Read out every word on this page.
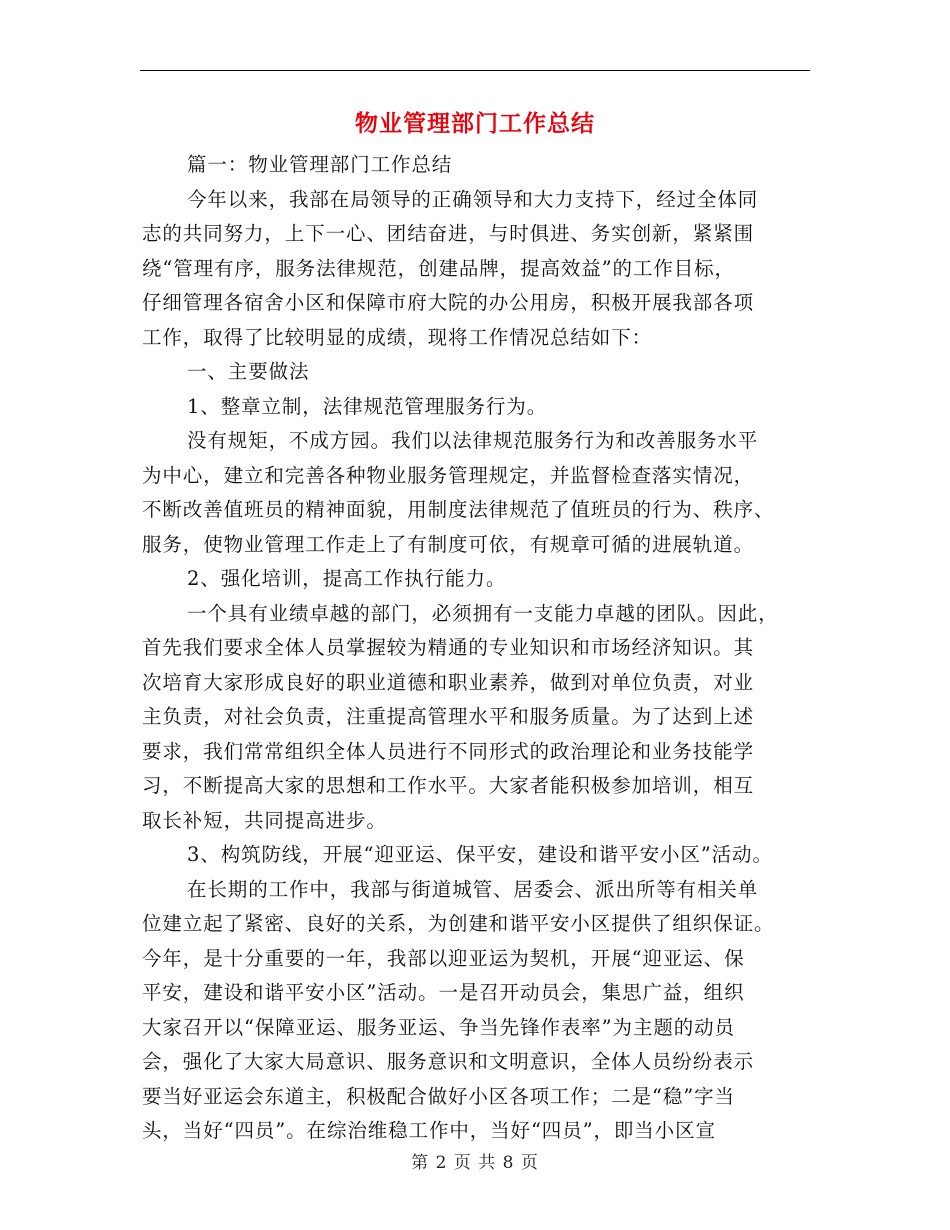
物业管理部门工作总结
篇一：物业管理部门工作总结
今年以来，我部在局领导的正确领导和大力支持下，经过全体同
志的共同努力，上下一心、团结奋进，与时俱进、务实创新，紧紧围
绕“管理有序，服务法律规范，创建品牌，提高效益”的工作目标，
仔细管理各宿舍小区和保障市府大院的办公用房，积极开展我部各项
工作，取得了比较明显的成绩，现将工作情况总结如下：
一、主要做法
1、整章立制，法律规范管理服务行为。
没有规矩，不成方园。我们以法律规范服务行为和改善服务水平
为中心，建立和完善各种物业服务管理规定，并监督检查落实情况，
不断改善值班员的精神面貌，用制度法律规范了值班员的行为、秩序、
服务，使物业管理工作走上了有制度可依，有规章可循的进展轨道。
2、强化培训，提高工作执行能力。
一个具有业绩卓越的部门，必须拥有一支能力卓越的团队。因此，
首先我们要求全体人员掌握较为精通的专业知识和市场经济知识。其
次培育大家形成良好的职业道德和职业素养，做到对单位负责，对业
主负责，对社会负责，注重提高管理水平和服务质量。为了达到上述
要求，我们常常组织全体人员进行不同形式的政治理论和业务技能学
习，不断提高大家的思想和工作水平。大家者能积极参加培训，相互
取长补短，共同提高进步。
3、构筑防线，开展“迎亚运、保平安，建设和谐平安小区”活动。
在长期的工作中，我部与街道城管、居委会、派出所等有相关单
位建立起了紧密、良好的关系，为创建和谐平安小区提供了组织保证。
今年，是十分重要的一年，我部以迎亚运为契机，开展“迎亚运、保
平安，建设和谐平安小区”活动。一是召开动员会，集思广益，组织
大家召开以“保障亚运、服务亚运、争当先锋作表率”为主题的动员
会，强化了大家大局意识、服务意识和文明意识，全体人员纷纷表示
要当好亚运会东道主，积极配合做好小区各项工作；二是“稳”字当
头，当好“四员”。在综治维稳工作中，当好“四员”，即当小区宣
第 2 页 共 8 页
